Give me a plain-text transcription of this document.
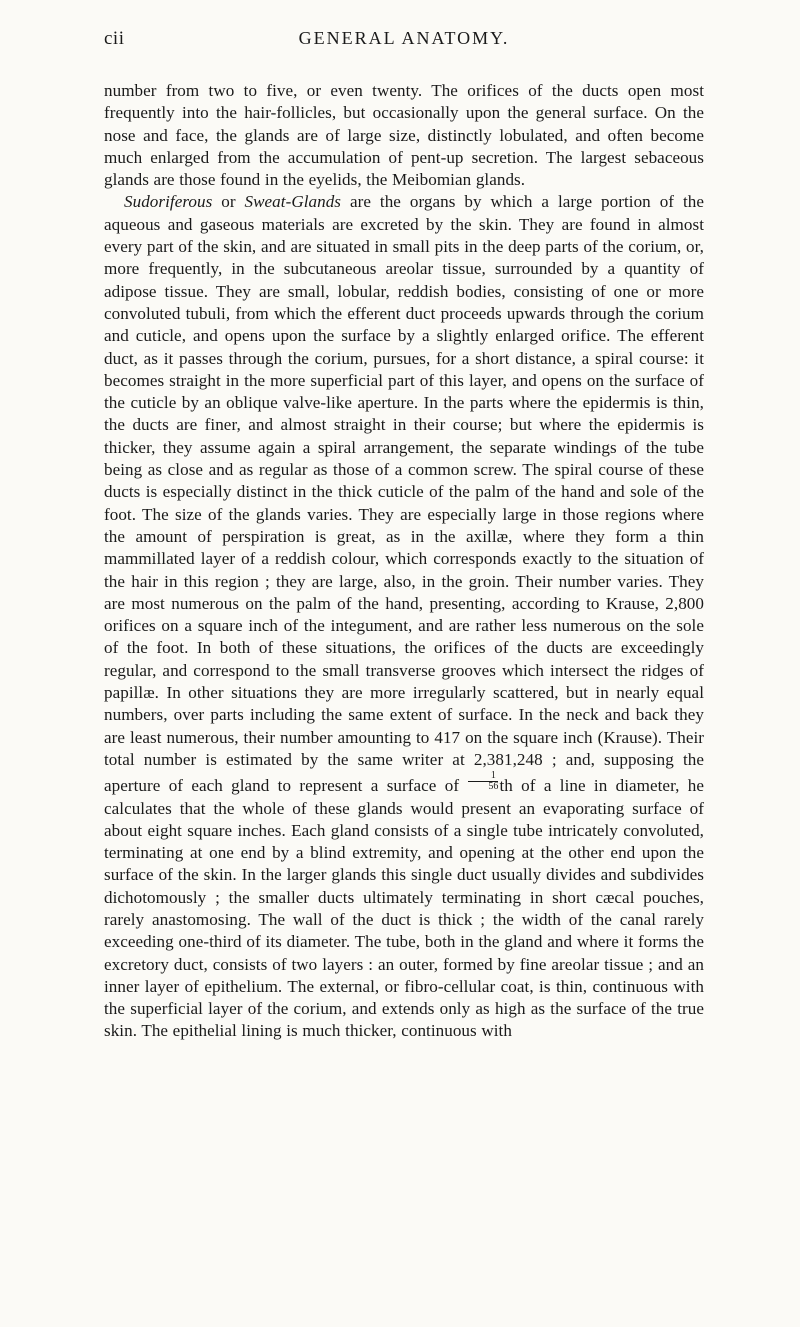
cii	GENERAL ANATOMY.

number from two to five, or even twenty. The orifices of the ducts open most frequently into the hair-follicles, but occasionally upon the general surface. On the nose and face, the glands are of large size, distinctly lobulated, and often become much enlarged from the accumulation of pent-up secretion. The largest sebaceous glands are those found in the eyelids, the Meibomian glands.

Sudoriferous or Sweat-Glands are the organs by which a large portion of the aqueous and gaseous materials are excreted by the skin. They are found in almost every part of the skin, and are situated in small pits in the deep parts of the corium, or, more frequently, in the subcutaneous areolar tissue, surrounded by a quantity of adipose tissue. They are small, lobular, reddish bodies, consisting of one or more convoluted tubuli, from which the efferent duct proceeds upwards through the corium and cuticle, and opens upon the surface by a slightly enlarged orifice. The efferent duct, as it passes through the corium, pursues, for a short distance, a spiral course: it becomes straight in the more superficial part of this layer, and opens on the surface of the cuticle by an oblique valve-like aperture. In the parts where the epidermis is thin, the ducts are finer, and almost straight in their course; but where the epidermis is thicker, they assume again a spiral arrangement, the separate windings of the tube being as close and as regular as those of a common screw. The spiral course of these ducts is especially distinct in the thick cuticle of the palm of the hand and sole of the foot. The size of the glands varies. They are especially large in those regions where the amount of perspiration is great, as in the axillæ, where they form a thin mammillated layer of a reddish colour, which corresponds exactly to the situation of the hair in this region ; they are large, also, in the groin. Their number varies. They are most numerous on the palm of the hand, presenting, according to Krause, 2,800 orifices on a square inch of the integument, and are rather less numerous on the sole of the foot. In both of these situations, the orifices of the ducts are exceedingly regular, and correspond to the small transverse grooves which intersect the ridges of papillæ. In other situations they are more irregularly scattered, but in nearly equal numbers, over parts including the same extent of surface. In the neck and back they are least numerous, their number amounting to 417 on the square inch (Krause). Their total number is estimated by the same writer at 2,381,248 ; and, supposing the aperture of each gland to represent a surface of $\frac{1}{56}$ th of a line in diameter, he calculates that the whole of these glands would present an evaporating surface of about eight square inches. Each gland consists of a single tube intricately convoluted, terminating at one end by a blind extremity, and opening at the other end upon the surface of the skin. In the larger glands this single duct usually divides and subdivides dichotomously ; the smaller ducts ultimately terminating in short cæcal pouches, rarely anastomosing. The wall of the duct is thick ; the width of the canal rarely exceeding one-third of its diameter. The tube, both in the gland and where it forms the excretory duct, consists of two layers : an outer, formed by fine areolar tissue ; and an inner layer of epithelium. The external, or fibro-cellular coat, is thin, continuous with the superficial layer of the corium, and extends only as high as the surface of the true skin. The epithelial lining is much thicker, continuous with
